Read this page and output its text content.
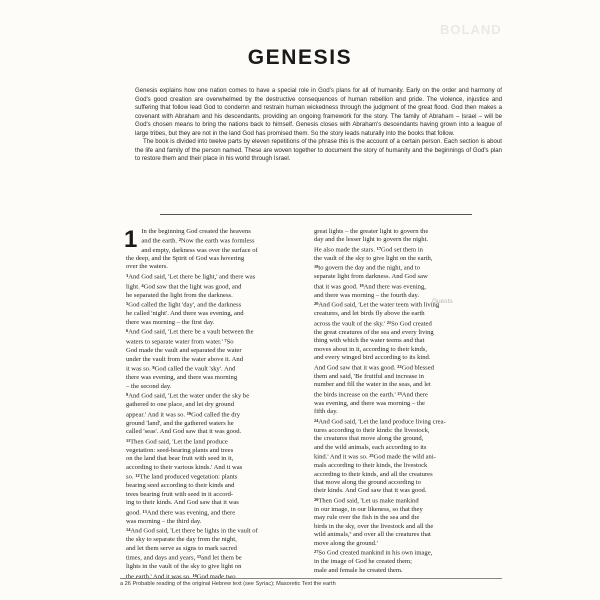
BOLAND
GENESIS

Genesis explains how one nation comes to have a special role in God's plans for all of humanity. Early on the order and harmony of God's good creation are overwhelmed by the destructive consequences of human rebellion and pride. The violence, injustice and suffering that follow lead God to condemn and restrain human wickedness through the judgment of the great flood. God then makes a covenant with Abraham and his descendants, providing an ongoing framework for the story. The family of Abraham – Israel – will be God's chosen means to bring the nations back to himself. Genesis closes with Abraham's descendants having grown into a league of large tribes, but they are not in the land God has promised them. So the story leads naturally into the books that follow.

The book is divided into twelve parts by eleven repetitions of the phrase this is the account of a certain person. Each section is about the life and family of the person named. These are woven together to document the story of humanity and the beginnings of God's plan to restore them and their place in his world through Israel.

1 In the beginning God created the heavens
and the earth. $^2$Now the earth was formless
and empty, darkness was over the surface of
the deep, and the Spirit of God was hovering
over the waters.
$^3$And God said, 'Let there be light,' and there was
light. $^4$God saw that the light was good, and
he separated the light from the darkness.
$^5$God called the light 'day', and the darkness
he called 'night'. And there was evening, and
there was morning – the first day.
$^6$And God said, 'Let there be a vault between the
waters to separate water from water.' $^7$So
God made the vault and separated the water
under the vault from the water above it. And
it was so. $^8$God called the vault 'sky'. And
there was evening, and there was morning
– the second day.
$^9$And God said, 'Let the water under the sky be
gathered to one place, and let dry ground
appear.' And it was so. $^{10}$God called the dry
ground 'land', and the gathered waters he
called 'seas'. And God saw that it was good.
$^{11}$Then God said, 'Let the land produce
vegetation: seed-bearing plants and trees
on the land that bear fruit with seed in it,
according to their various kinds.' And it was
so. $^{12}$The land produced vegetation: plants
bearing seed according to their kinds and
trees bearing fruit with seed in it accord-
ing to their kinds. And God saw that it was
good. $^{13}$And there was evening, and there
was morning – the third day.
$^{14}$And God said, 'Let there be lights in the vault of
the sky to separate the day from the night,
and let them serve as signs to mark sacred
times, and days and years, $^{15}$and let them be
lights in the vault of the sky to give light on
the earth.' And it was so. $^{16}$God made two
great lights – the greater light to govern the
day and the lesser light to govern the night.
He also made the stars. $^{17}$God set them in
the vault of the sky to give light on the earth,
$^{18}$to govern the day and the night, and to
separate light from darkness. And God saw
that it was good. $^{19}$And there was evening,
and there was morning – the fourth day.
$^{20}$And God said, 'Let the water teem with living
creatures, and let birds fly above the earth
across the vault of the sky.' $^{21}$So God created
the great creatures of the sea and every living
thing with which the water teems and that
moves about in it, according to their kinds,
and every winged bird according to its kind.
And God saw that it was good. $^{22}$God blessed
them and said, 'Be fruitful and increase in
number and fill the water in the seas, and let
the birds increase on the earth.' $^{23}$And there
was evening, and there was morning – the
fifth day.
$^{24}$And God said, 'Let the land produce living crea-
tures according to their kinds: the livestock,
the creatures that move along the ground,
and the wild animals, each according to its
kind.' And it was so. $^{25}$God made the wild ani-
mals according to their kinds, the livestock
according to their kinds, and all the creatures
that move along the ground according to
their kinds. And God saw that it was good.
$^{26}$Then God said, 'Let us make mankind
in our image, in our likeness, so that they
may rule over the fish in the sea and the
birds in the sky, over the livestock and all the
wild animals,ª and over all the creatures that
move along the ground.'
$^{27}$So God created mankind in his own image,
in the image of God he created them;
male and female he created them.
Guests
a 26 Probable reading of the original Hebrew text (see Syriac); Masoretic Text the earth
